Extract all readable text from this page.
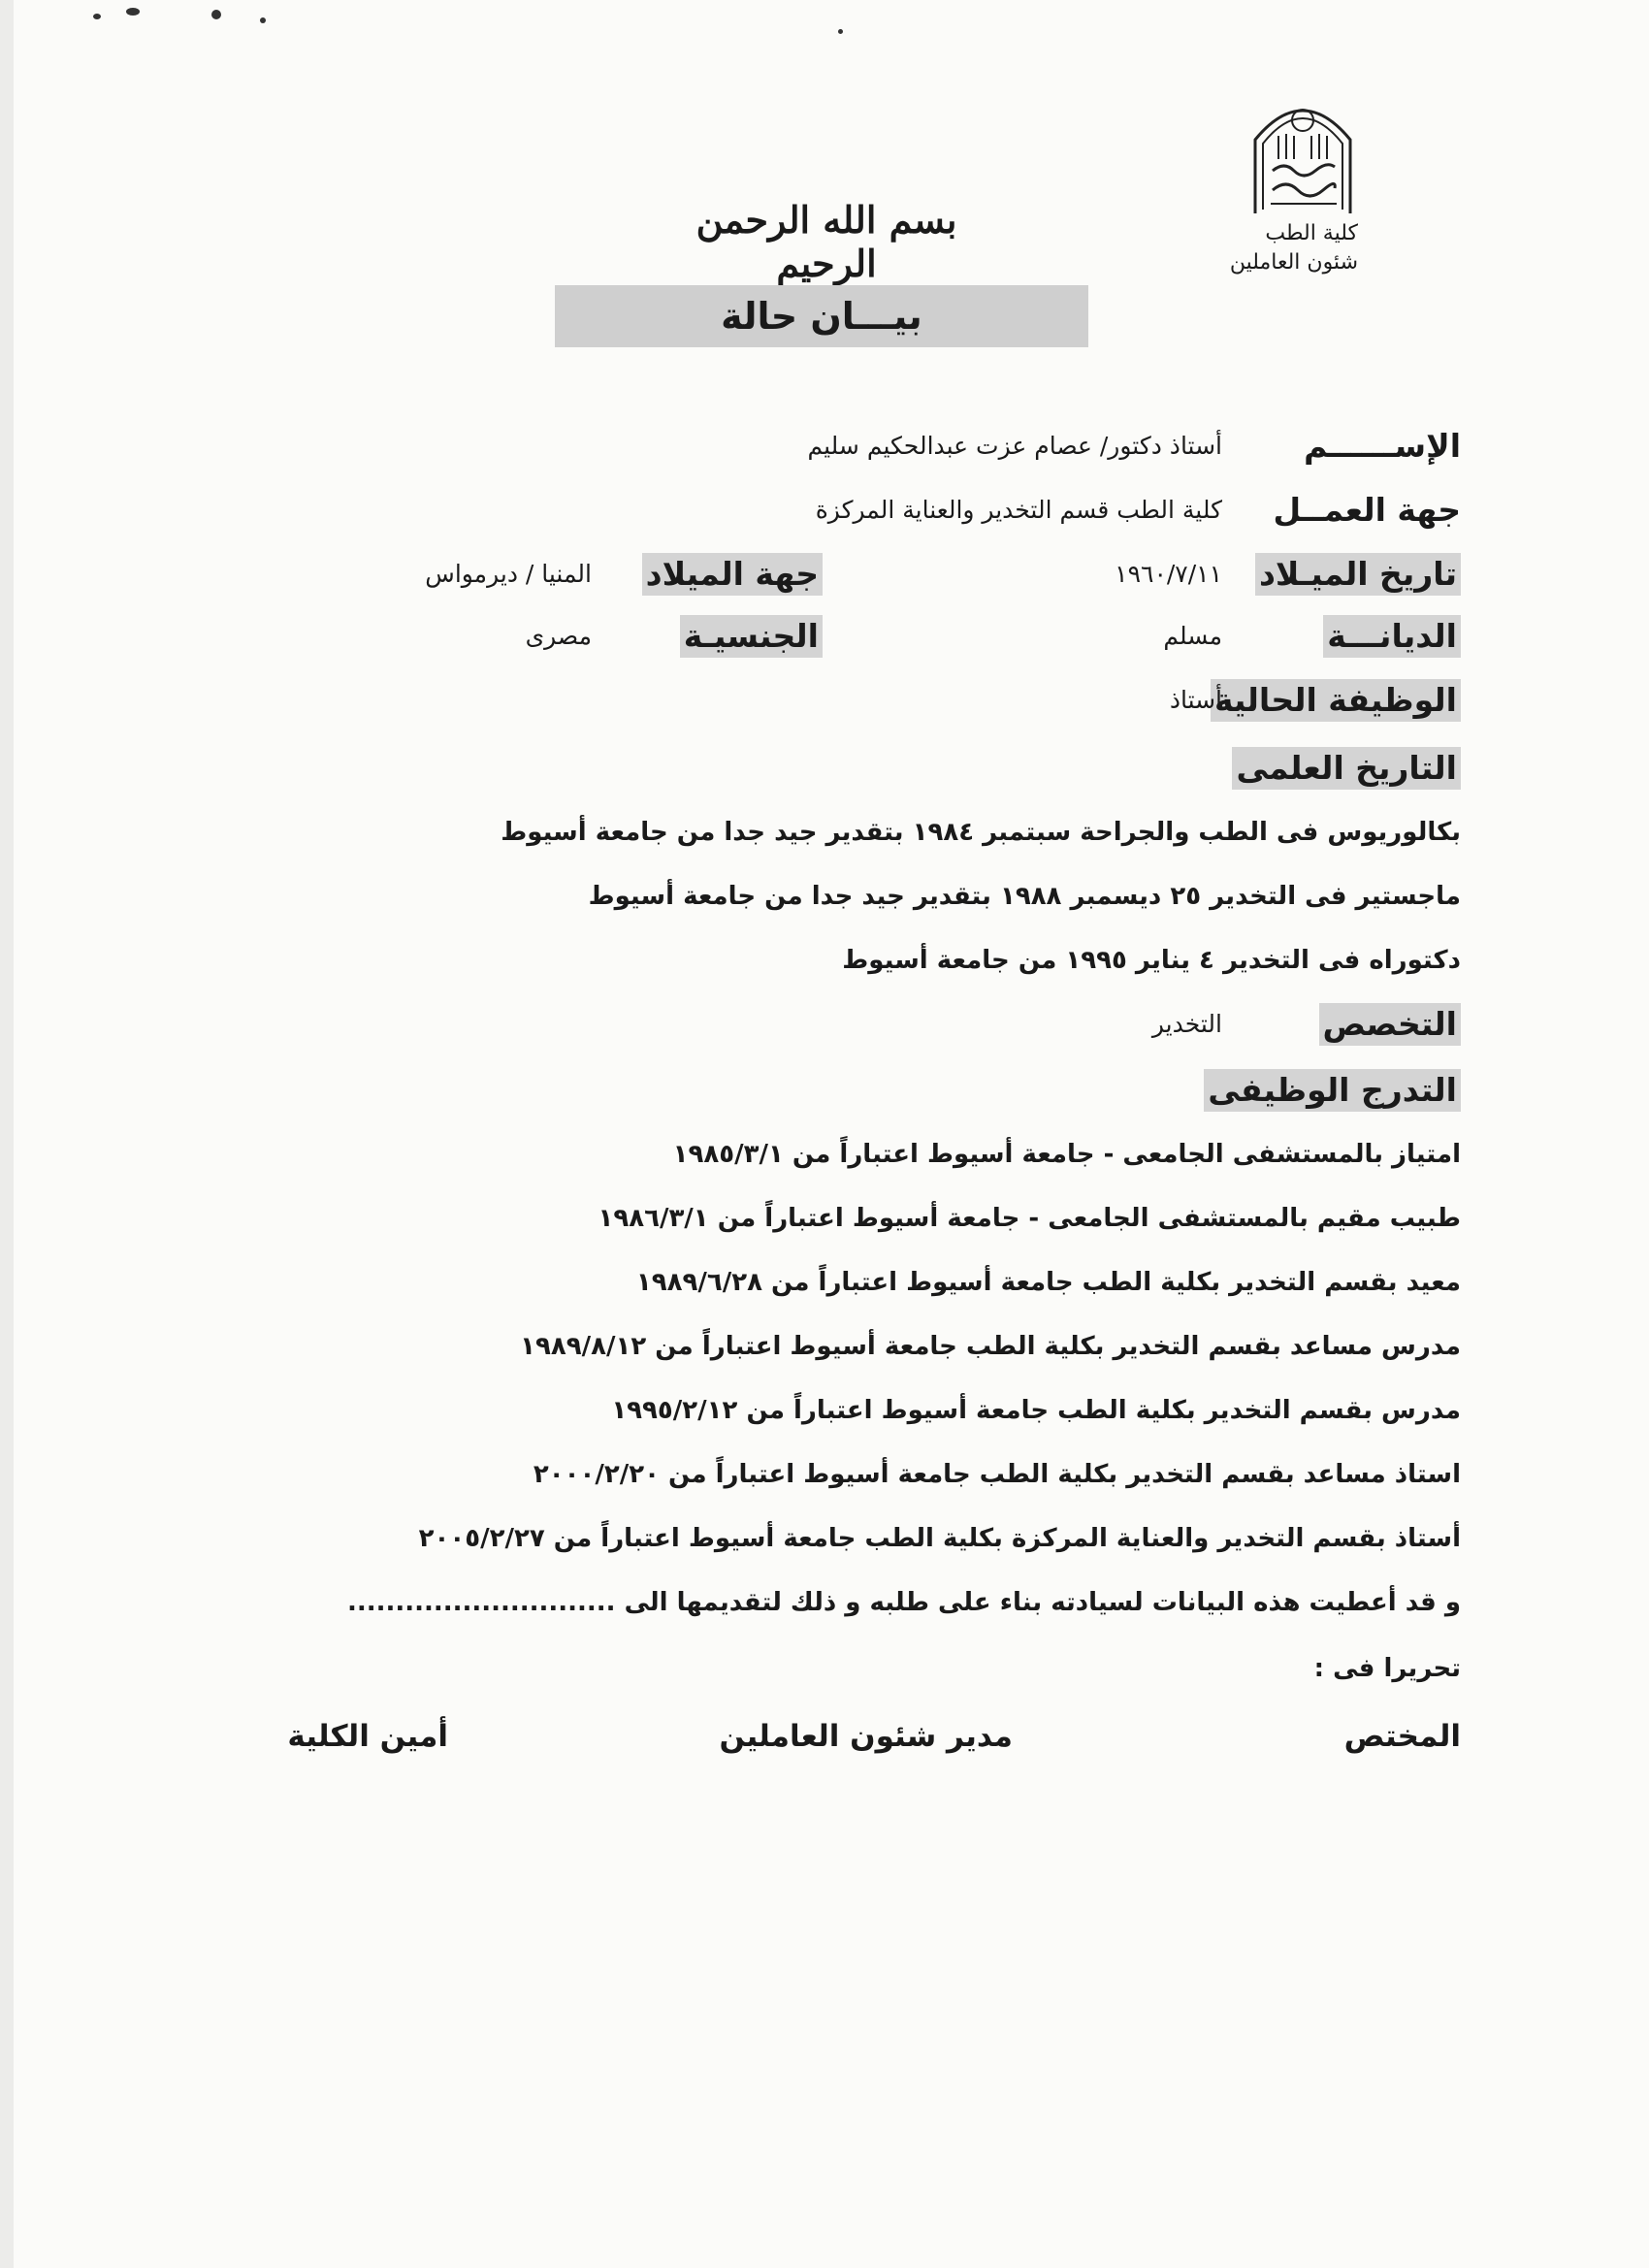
كلية الطب
شئون العاملين
بسم الله الرحمن الرحيم
بيـــان حالة
الإســــــم
أستاذ دكتور/ عصام عزت عبدالحكيم سليم
جهة العمــل
كلية الطب قسم التخدير والعناية المركزة
تاريخ الميـلاد
١٩٦٠/٧/١١
جهة الميلاد
المنيا / ديرمواس
الديانـــة
مسلم
الجنسيـة
مصرى
الوظيفة الحالية
أستاذ
التاريخ العلمى
بكالوريوس فى الطب والجراحة سبتمبر ١٩٨٤ بتقدير جيد جدا من جامعة أسيوط
ماجستير فى التخدير ٢٥ ديسمبر ١٩٨٨ بتقدير جيد جدا من جامعة أسيوط
دكتوراه فى التخدير ٤ يناير ١٩٩٥ من جامعة أسيوط
التخصص
التخدير
التدرج الوظيفى
امتياز بالمستشفى الجامعى - جامعة أسيوط اعتباراً من ١٩٨٥/٣/١
طبيب مقيم بالمستشفى الجامعى - جامعة أسيوط اعتباراً من ١٩٨٦/٣/١
معيد بقسم التخدير بكلية الطب جامعة أسيوط اعتباراً من ١٩٨٩/٦/٢٨
مدرس مساعد بقسم التخدير بكلية الطب جامعة أسيوط اعتباراً من ١٩٨٩/٨/١٢
مدرس بقسم التخدير بكلية الطب جامعة أسيوط اعتباراً من ١٩٩٥/٢/١٢
استاذ مساعد بقسم التخدير بكلية الطب جامعة أسيوط اعتباراً من ٢٠٠٠/٢/٢٠
أستاذ بقسم التخدير والعناية المركزة بكلية الطب جامعة أسيوط اعتباراً من ٢٠٠٥/٢/٢٧
و قد أعطيت هذه البيانات لسيادته بناء على طلبه و ذلك لتقديمها الى ............................
تحريرا فى :
المختص
مدير شئون العاملين
أمين الكلية
